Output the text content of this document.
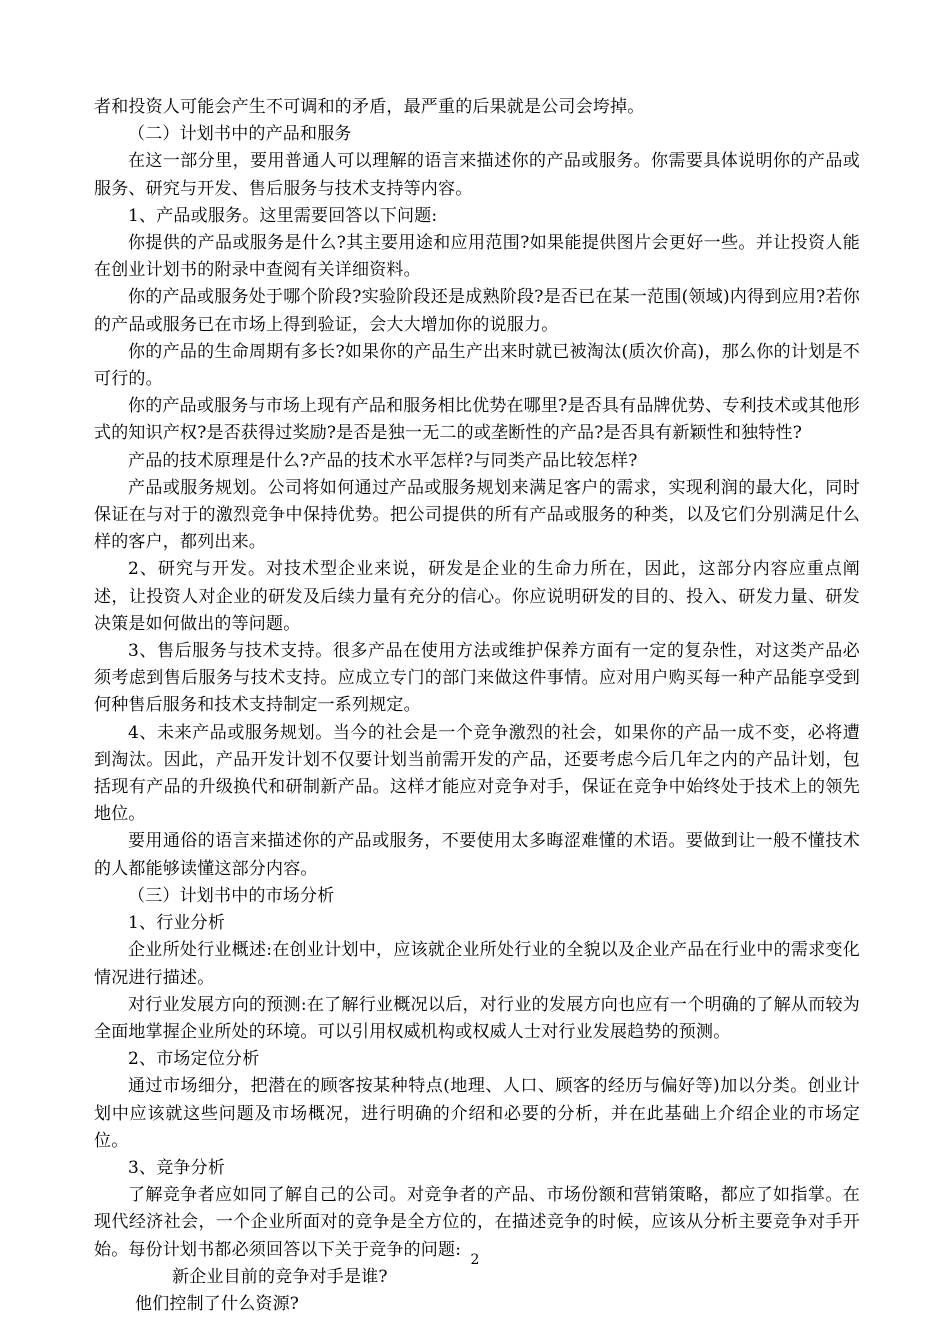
者和投资人可能会产生不可调和的矛盾，最严重的后果就是公司会垮掉。

（二）计划书中的产品和服务

在这一部分里，要用普通人可以理解的语言来描述你的产品或服务。你需要具体说明你的产品或服务、研究与开发、售后服务与技术支持等内容。

1、产品或服务。这里需要回答以下问题:

你提供的产品或服务是什么?其主要用途和应用范围?如果能提供图片会更好一些。并让投资人能在创业计划书的附录中查阅有关详细资料。

你的产品或服务处于哪个阶段?实验阶段还是成熟阶段?是否已在某一范围(领域)内得到应用?若你的产品或服务已在市场上得到验证，会大大增加你的说服力。

你的产品的生命周期有多长?如果你的产品生产出来时就已被淘汰(质次价高)，那么你的计划是不可行的。

你的产品或服务与市场上现有产品和服务相比优势在哪里?是否具有品牌优势、专利技术或其他形式的知识产权?是否获得过奖励?是否是独一无二的或垄断性的产品?是否具有新颖性和独特性?

产品的技术原理是什么?产品的技术水平怎样?与同类产品比较怎样?

产品或服务规划。公司将如何通过产品或服务规划来满足客户的需求，实现利润的最大化，同时保证在与对于的激烈竞争中保持优势。把公司提供的所有产品或服务的种类，以及它们分别满足什么样的客户，都列出来。

2、研究与开发。对技术型企业来说，研发是企业的生命力所在，因此，这部分内容应重点阐述，让投资人对企业的研发及后续力量有充分的信心。你应说明研发的目的、投入、研发力量、研发决策是如何做出的等问题。

3、售后服务与技术支持。很多产品在使用方法或维护保养方面有一定的复杂性，对这类产品必须考虑到售后服务与技术支持。应成立专门的部门来做这件事情。应对用户购买每一种产品能享受到何种售后服务和技术支持制定一系列规定。

4、未来产品或服务规划。当今的社会是一个竞争激烈的社会，如果你的产品一成不变，必将遭到淘汰。因此，产品开发计划不仅要计划当前需开发的产品，还要考虑今后几年之内的产品计划，包括现有产品的升级换代和研制新产品。这样才能应对竞争对手，保证在竞争中始终处于技术上的领先地位。

要用通俗的语言来描述你的产品或服务，不要使用太多晦涩难懂的术语。要做到让一般不懂技术的人都能够读懂这部分内容。

（三）计划书中的市场分析

1、行业分析

企业所处行业概述:在创业计划中，应该就企业所处行业的全貌以及企业产品在行业中的需求变化情况进行描述。

对行业发展方向的预测:在了解行业概况以后，对行业的发展方向也应有一个明确的了解从而较为全面地掌握企业所处的环境。可以引用权威机构或权威人士对行业发展趋势的预测。

2、市场定位分析

通过市场细分，把潜在的顾客按某种特点(地理、人口、顾客的经历与偏好等)加以分类。创业计划中应该就这些问题及市场概况，进行明确的介绍和必要的分析，并在此基础上介绍企业的市场定位。

3、竞争分析

了解竞争者应如同了解自己的公司。对竞争者的产品、市场份额和营销策略，都应了如指掌。在现代经济社会，一个企业所面对的竞争是全方位的，在描述竞争的时候，应该从分析主要竞争对手开始。每份计划书都必须回答以下关于竞争的问题:

新企业目前的竞争对手是谁?

他们控制了什么资源?

2
